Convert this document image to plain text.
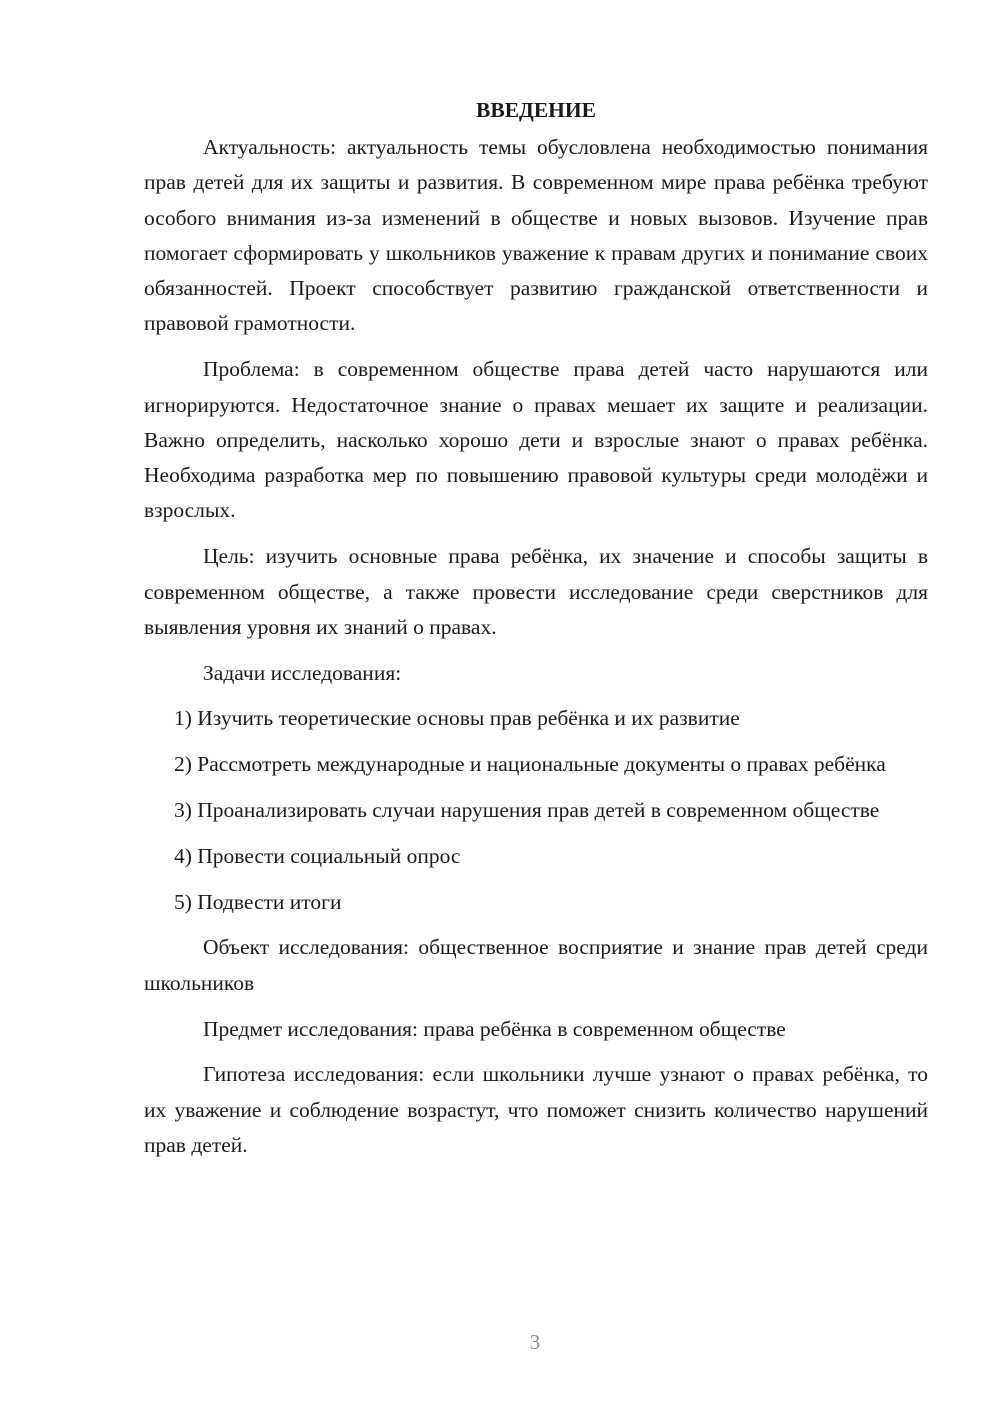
ВВЕДЕНИЕ

Актуальность: актуальность темы обусловлена необходимостью понимания прав детей для их защиты и развития. В современном мире права ребёнка требуют особого внимания из-за изменений в обществе и новых вызовов. Изучение прав помогает сформировать у школьников уважение к правам других и понимание своих обязанностей. Проект способствует развитию гражданской ответственности и правовой грамотности.

Проблема: в современном обществе права детей часто нарушаются или игнорируются. Недостаточное знание о правах мешает их защите и реализации. Важно определить, насколько хорошо дети и взрослые знают о правах ребёнка. Необходима разработка мер по повышению правовой культуры среди молодёжи и взрослых.

Цель: изучить основные права ребёнка, их значение и способы защиты в современном обществе, а также провести исследование среди сверстников для выявления уровня их знаний о правах.

Задачи исследования:

1) Изучить теоретические основы прав ребёнка и их развитие

2) Рассмотреть международные и национальные документы о правах ребёнка

3) Проанализировать случаи нарушения прав детей в современном обществе

4) Провести социальный опрос

5) Подвести итоги

Объект исследования: общественное восприятие и знание прав детей среди школьников

Предмет исследования: права ребёнка в современном обществе

Гипотеза исследования: если школьники лучше узнают о правах ребёнка, то их уважение и соблюдение возрастут, что поможет снизить количество нарушений прав детей.

3
